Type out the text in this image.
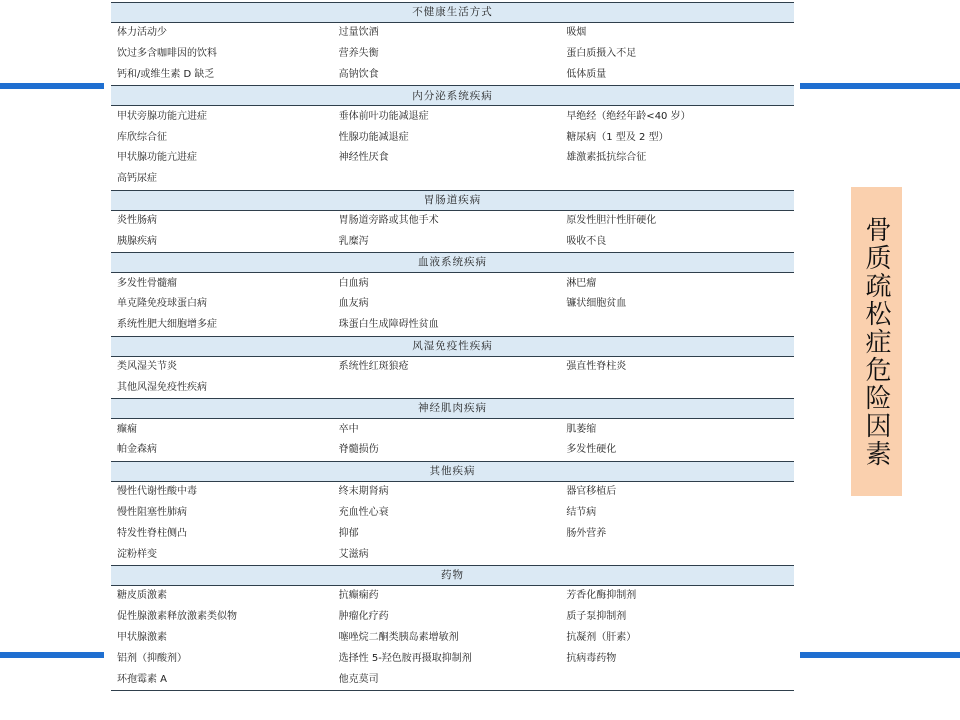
不健康生活方式		
体力活动少	过量饮酒	吸烟
饮过多含咖啡因的饮料	营养失衡	蛋白质摄入不足
钙和/或维生素 D 缺乏	高钠饮食	低体质量
内分泌系统疾病		
甲状旁腺功能亢进症	垂体前叶功能减退症	早绝经（绝经年龄<40 岁）
库欣综合征	性腺功能减退症	糖尿病（1 型及 2 型）
甲状腺功能亢进症	神经性厌食	雄激素抵抗综合征
高钙尿症		
胃肠道疾病		
炎性肠病	胃肠道旁路或其他手术	原发性胆汁性肝硬化
胰腺疾病	乳糜泻	吸收不良
血液系统疾病		
多发性骨髓瘤	白血病	淋巴瘤
单克隆免疫球蛋白病	血友病	镰状细胞贫血
系统性肥大细胞增多症	珠蛋白生成障碍性贫血	
风湿免疫性疾病		
类风湿关节炎	系统性红斑狼疮	强直性脊柱炎
其他风湿免疫性疾病		
神经肌肉疾病		
癫痫	卒中	肌萎缩
帕金森病	脊髓损伤	多发性硬化
其他疾病		
慢性代谢性酸中毒	终末期肾病	器官移植后
慢性阻塞性肺病	充血性心衰	结节病
特发性脊柱侧凸	抑郁	肠外营养
淀粉样变	艾滋病	
药物		
糖皮质激素	抗癫痫药	芳香化酶抑制剂
促性腺激素释放激素类似物	肿瘤化疗药	质子泵抑制剂
甲状腺激素	噻唑烷二酮类胰岛素增敏剂	抗凝剂（肝素）
铝剂（抑酸剂）	选择性 5-羟色胺再摄取抑制剂	抗病毒药物
环孢霉素 A	他克莫司	
骨质疏松症危险因素
